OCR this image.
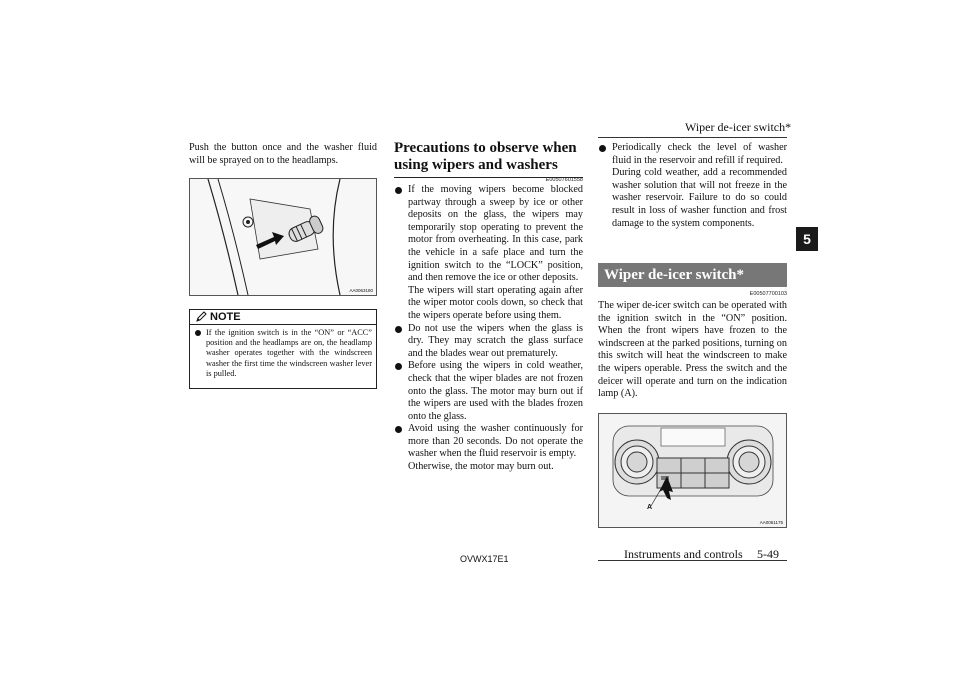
Wiper de-icer switch*
5
Push the button once and the washer fluid will be sprayed on to the headlamps.
AA0063180
NOTE
If the ignition switch is in the “ON” or “ACC” position and the headlamps are on, the headlamp washer operates together with the windscreen washer the first time the windscreen washer lever is pulled.
Precautions to observe when
using wipers and washers
E00507601558
If the moving wipers become blocked partway through a sweep by ice or other deposits on the glass, the wipers may temporarily stop operating to prevent the motor from overheating. In this case, park the vehicle in a safe place and turn the ignition switch to the “LOCK” position, and then remove the ice or other deposits.
The wipers will start operating again after the wiper motor cools down, so check that the wipers operate before using them.
Do not use the wipers when the glass is dry. They may scratch the glass surface and the blades wear out prematurely.
Before using the wipers in cold weather, check that the wiper blades are not frozen onto the glass. The motor may burn out if the wipers are used with the blades frozen onto the glass.
Avoid using the washer continuously for more than 20 seconds. Do not operate the washer when the fluid reservoir is empty.
Otherwise, the motor may burn out.
Periodically check the level of washer fluid in the reservoir and refill if required.
During cold weather, add a recommended washer solution that will not freeze in the washer reservoir. Failure to do so could result in loss of washer function and frost damage to the system components.
Wiper de-icer switch*
E00507700103
The wiper de-icer switch can be operated with the ignition switch in the “ON” position. When the front wipers have frozen to the windscreen at the parked positions, turning on this switch will heat the windscreen to make the wipers operable. Press the switch and the deicer will operate and turn on the indication lamp (A).
A
AA0061175
OVWX17E1	Instruments and controls 5-49
